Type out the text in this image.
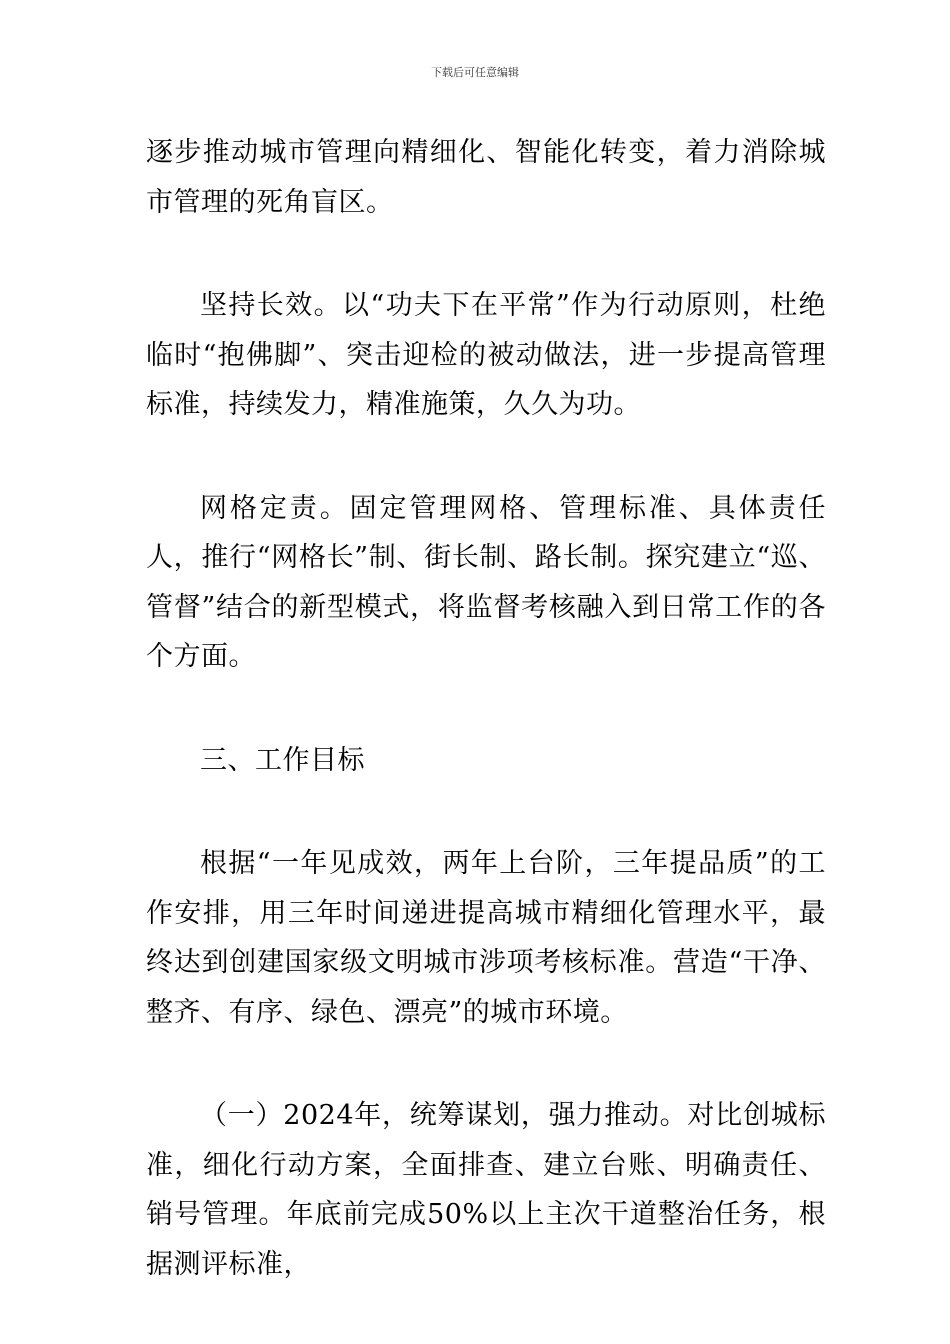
下载后可任意编辑

逐步推动城市管理向精细化、智能化转变，着力消除城市管理的死角盲区。

坚持长效。以“功夫下在平常”作为行动原则，杜绝临时“抱佛脚”、突击迎检的被动做法，进一步提高管理标准，持续发力，精准施策，久久为功。

网格定责。固定管理网格、管理标准、具体责任人，推行“网格长”制、街长制、路长制。探究建立“巡、管督”结合的新型模式，将监督考核融入到日常工作的各个方面。

三、工作目标

根据“一年见成效，两年上台阶，三年提品质”的工作安排，用三年时间递进提高城市精细化管理水平，最终达到创建国家级文明城市涉项考核标准。营造“干净、整齐、有序、绿色、漂亮”的城市环境。

（一）2024年，统筹谋划，强力推动。对比创城标准，细化行动方案，全面排查、建立台账、明确责任、销号管理。年底前完成50%以上主次干道整治任务，根据测评标准，
